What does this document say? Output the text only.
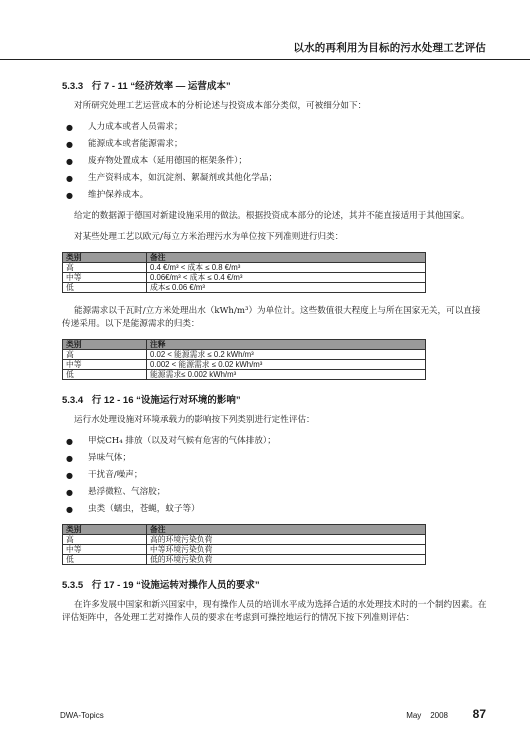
以水的再利用为目标的污水处理工艺评估
5.3.3 行 7 - 11 “经济效率 — 运营成本”

对所研究处理工艺运营成本的分析论述与投资成本部分类似，可被细分如下：

● 人力成本或者人员需求；
● 能源成本或者能源需求；
● 废弃物处置成本（延用德国的框架条件）；
● 生产资料成本，如沉淀剂、絮凝剂或其他化学品；
● 维护保养成本。

给定的数据源于德国对新建设施采用的做法。根据投资成本部分的论述，其并不能直接适用于其他国家。

对某些处理工艺以欧元/每立方米治理污水为单位按下列准则进行归类：

类别	备注
高	0.4 €/m³ < 成本 ≤ 0.8 €/m³
中等	0.06€/m³ < 成本 ≤ 0.4 €/m³
低	成本≤ 0.06 €/m³

能源需求以千瓦时/立方米处理出水（kWh/m³）为单位计。这些数值很大程度上与所在国家无关，可以直接传递采用。以下是能源需求的归类：

类别	注释
高	0.02 < 能源需求 ≤ 0.2 kWh/m³
中等	0.002 < 能源需求 ≤ 0.02 kWh/m³
低	能源需求≤ 0.002 kWh/m³
5.3.4 行 12 - 16 “设施运行对环境的影响”

运行水处理设施对环境承载力的影响按下列类别进行定性评估：

● 甲烷CH₄ 排放（以及对气候有危害的气体排放）；
● 异味气体；
● 干扰音/噪声；
● 悬浮微粒、气溶胶；
● 虫类（蠕虫，苍蝇，蚊子等）
类别	备注
高	高的环境污染负荷
中等	中等环境污染负荷
低	低的环境污染负荷
5.3.5 行 17 - 19 “设施运转对操作人员的要求”

在许多发展中国家和新兴国家中，现有操作人员的培训水平成为选择合适的水处理技术时的一个制约因素。在评估矩阵中，各处理工艺对操作人员的要求在考虑到可操控地运行的情况下按下列准则评估：

DWA-Topics	May    2008 87
